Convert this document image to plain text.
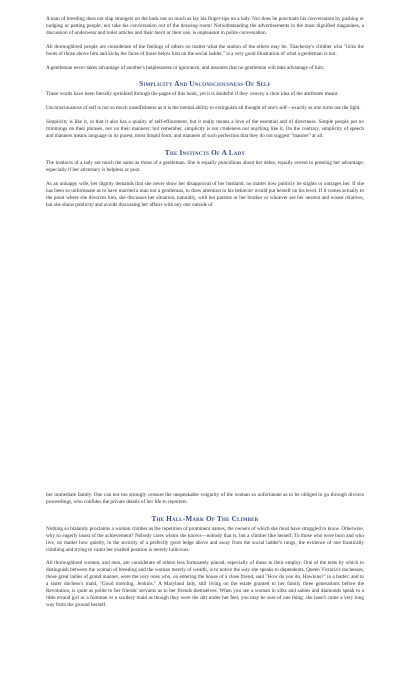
A man of breeding does not slap strangers on the back nor so much as lay his finger-tips on a lady. Nor does he punctuate his conversation by pushing or nudging or patting people, nor take his conversation out of the drawing-room! Notwithstanding the advertisements in the most dignified magazines, a discussion of underwear and toilet articles and their merit or their use, is unpleasant in polite conversation.

All thoroughbred people are considerate of the feelings of others no matter what the station of the others may be. Thackeray's climber who "licks the boots of those above him and kicks the faces of those below him on the social ladder," is a very good illustration of what a gentleman is not.

A gentleman never takes advantage of another's helplessness or ignorance, and assumes that no gentleman will take advantage of him.

Simplicity And Unconsciousness Of Self

These words have been literally sprinkled through the pages of this book, yet it is doubtful if they convey a clear idea of the attributes meant.

Unconsciousness of self is not so much unselfishness as it is the mental ability to extinguish all thought of one's self—exactly as one turns out the light.

Simplicity is like it, in that it also has a quality of self-effacement, but it really means a love of the essential and of directness. Simple people put no trimmings on their phrases, nor on their manners; but remember, simplicity is not crudeness nor anything like it. On the contrary, simplicity of speech and manners means language in its purest, most limpid form, and manners of such perfection that they do not suggest "manner" at all.

The Instincts Of A Lady

The instincts of a lady are much the same as those of a gentleman. She is equally punctilious about her debts, equally averse to pressing her advantage; especially if her adversary is helpless or poor.

As an unhappy wife, her dignity demands that she never show her disapproval of her husband, no matter how publicly he slights or outrages her. If she has been so unfortunate as to have married a man not a gentleman, to draw attention to his behavior would put herself on his level. If it comes actually to the point where she divorces him, she discusses her situation, naturally, with her parents or her brother or whoever are her nearest and wisest relatives, but she shuns publicity and avoids discussing her affairs with any one outside of

her immediate family. One can not too strongly censure the unspeakable vulgarity of the woman so unfortunate as to be obliged to go through divorce proceedings, who confides the private details of her life to reporters.

The Hall-Mark Of The Climber

Nothing so blatantly proclaims a woman climber as the repetition of prominent names, the owners of which she must have struggled to know. Otherwise, why so eagerly boast of the achievement? Nobody cares whom she knows—nobody that is, but a climber like herself. To those who were born and who live, no matter how quietly, in the security of a perfectly good ledge above and away from the social ladder's rungs, the evidence of one frantically climbing and trying to vaunt her exalted position is merely ludicrous.

All thoroughbred women, and men, are considerate of others less fortunately placed, especially of those in their employ. One of the tests by which to distinguish between the woman of breeding and the woman merely of wealth, is to notice the way she speaks to dependents. Queen Victoria's duchesses, those great ladies of grand manner, were the very ones who, on entering the house of a close friend, said "How do you do, Hawkins?" to a butler; and to a sister duchess's maid, "Good morning, Jenkins." A Maryland lady, still living on the estate granted to her family three generations before the Revolution, is quite as polite to her friends' servants as to her friends themselves. When you see a woman in silks and sables and diamonds speak to a little errand girl or a footman or a scullery maid as though they were the dirt under her feet, you may be sure of one thing: she hasn't come a very long way from the ground herself.
